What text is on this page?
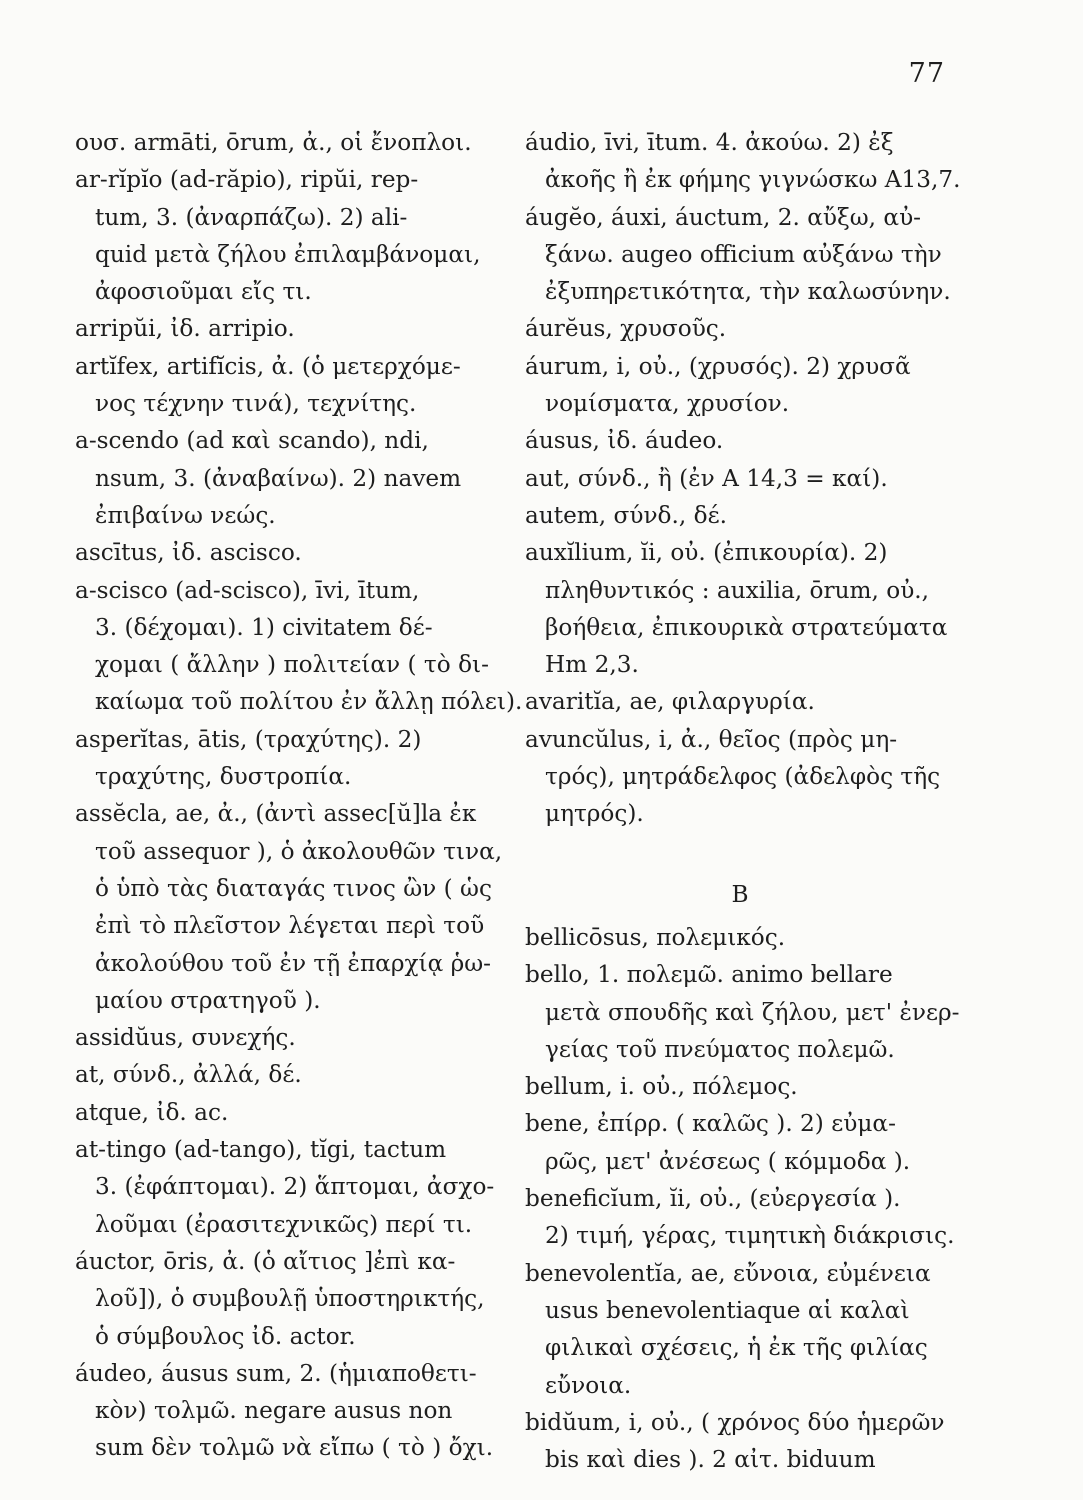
77
ουσ. armāti, ōrum, ἀ., οἱ ἔνοπλοι.
ar-rĭpĭo (ad-răpio), ripŭi, rep-
tum, 3. (ἀναρπάζω). 2) ali-
quid μετὰ ζήλου ἐπιλαμβάνομαι,
ἀφοσιοῦμαι εἴς τι.
arripŭi, ἰδ. arripio.
artĭfex, artifĭcis, ἀ. (ὁ μετερχόμε-
νος τέχνην τινά), τεχνίτης.
a-scendo (ad καὶ scando), ndi,
nsum, 3. (ἀναβαίνω). 2) navem
ἐπιβαίνω νεώς.
ascītus, ἰδ. ascisco.
a-scisco (ad-scisco), īvi, ītum,
3. (δέχομαι). 1) civitatem δέ-
χομαι ( ἄλλην ) πολιτείαν ( τὸ δι-
καίωμα τοῦ πολίτου ἐν ἄλλῃ πόλει).
asperĭtas, ātis, (τραχύτης). 2)
τραχύτης, δυστροπία.
assĕcla, ae, ἀ., (ἀντὶ assec[ŭ]la ἐκ
τοῦ assequor ), ὁ ἀκολουθῶν τινα,
ὁ ὑπὸ τὰς διαταγάς τινος ὢν ( ὡς
ἐπὶ τὸ πλεῖστον λέγεται περὶ τοῦ
ἀκολούθου τοῦ ἐν τῇ ἐπαρχίᾳ ῥω-
μαίου στρατηγοῦ ).
assidŭus, συνεχής.
at, σύνδ., ἀλλά, δέ.
atque, ἰδ. ac.
at-tingo (ad-tango), tĭgi, tactum
3. (ἐφάπτομαι). 2) ἅπτομαι, ἀσχο-
λοῦμαι (ἐρασιτεχνικῶς) περί τι.
áuctor, ōris, ἀ. (ὁ αἴτιος ]ἐπὶ κα-
λοῦ]), ὁ συμβουλῇ ὑποστηρικτής,
ὁ σύμβουλος ἰδ. actor.
áudeo, áusus sum, 2. (ἡμιαποθετι-
κὸν) τολμῶ. negare ausus non
sum δὲν τολμῶ νὰ εἴπω ( τὸ ) ὄχι.
áudio, īvi, ītum. 4. ἀκούω. 2) ἐξ
ἀκοῆς ἢ ἐκ φήμης γιγνώσκω A13,7.
áugĕo, áuxi, áuctum, 2. αὔξω, αὐ-
ξάνω. augeo officium αὐξάνω τὴν
ἐξυπηρετικότητα, τὴν καλωσύνην.
áurĕus, χρυσοῦς.
áurum, i, οὐ., (χρυσός). 2) χρυσᾶ
νομίσματα, χρυσίον.
áusus, ἰδ. áudeo.
aut, σύνδ., ἢ (ἐν A 14,3 = καί).
autem, σύνδ., δέ.
auxĭlium, ĭi, οὐ. (ἐπικουρία). 2)
πληθυντικός : auxilia, ōrum, οὐ.,
βοήθεια, ἐπικουρικὰ στρατεύματα
Hm 2,3.
avaritĭa, ae, φιλαργυρία.
avuncŭlus, i, ἀ., θεῖος (πρὸς μη-
τρός), μητράδελφος (ἀδελφὸς τῆς
μητρός).
B
bellicōsus, πολεμικός.
bello, 1. πολεμῶ. animo bellare
μετὰ σπουδῆς καὶ ζήλου, μετ' ἐνερ-
γείας τοῦ πνεύματος πολεμῶ.
bellum, i. οὐ., πόλεμος.
bene, ἐπίρρ. ( καλῶς ). 2) εὐμα-
ρῶς, μετ' ἀνέσεως ( κόμμοδα ).
beneficĭum, ĭi, οὐ., (εὐεργεσία ).
2) τιμή, γέρας, τιμητικὴ διάκρισις.
benevolentĭa, ae, εὔνοια, εὐμένεια
usus benevolentiaque αἱ καλαὶ
φιλικαὶ σχέσεις, ἡ ἐκ τῆς φιλίας
εὔνοια.
bidŭum, i, οὐ., ( χρόνος δύο ἡμερῶν
bis καὶ dies ). 2 αἰτ. biduum
